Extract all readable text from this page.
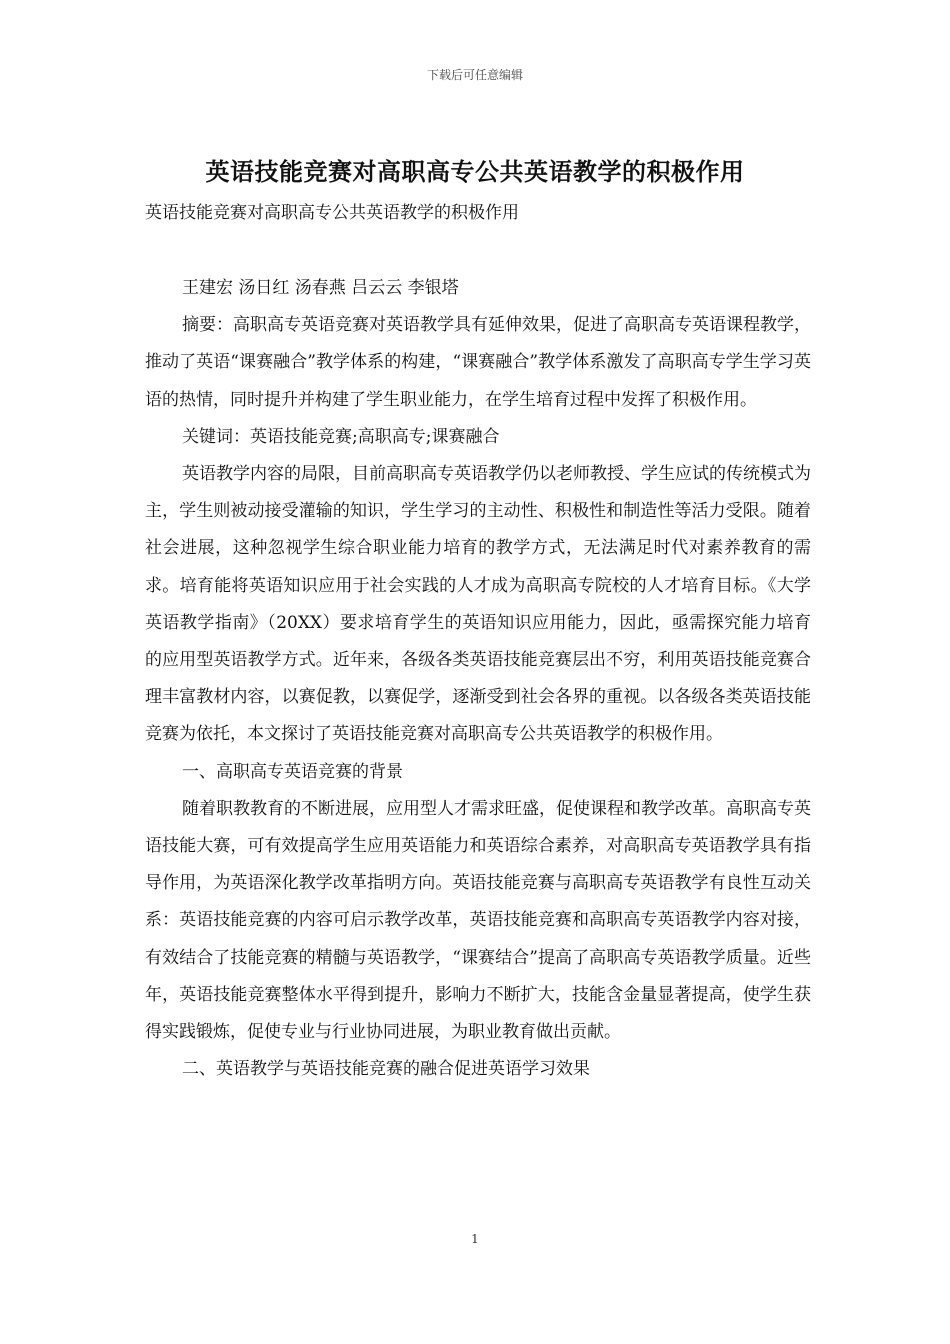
下载后可任意编辑
英语技能竞赛对高职高专公共英语教学的积极作用
英语技能竞赛对高职高专公共英语教学的积极作用

王建宏 汤日红 汤春燕 吕云云 李银塔

摘要：高职高专英语竞赛对英语教学具有延伸效果，促进了高职高专英语课程教学，推动了英语“课赛融合”教学体系的构建，“课赛融合”教学体系激发了高职高专学生学习英语的热情，同时提升并构建了学生职业能力，在学生培育过程中发挥了积极作用。

关键词：英语技能竞赛;高职高专;课赛融合

英语教学内容的局限，目前高职高专英语教学仍以老师教授、学生应试的传统模式为主，学生则被动接受灌输的知识，学生学习的主动性、积极性和制造性等活力受限。随着社会进展，这种忽视学生综合职业能力培育的教学方式，无法满足时代对素养教育的需求。培育能将英语知识应用于社会实践的人才成为高职高专院校的人才培育目标。《大学英语教学指南》（20XX）要求培育学生的英语知识应用能力，因此，亟需探究能力培育的应用型英语教学方式。近年来，各级各类英语技能竞赛层出不穷，利用英语技能竞赛合理丰富教材内容，以赛促教，以赛促学，逐渐受到社会各界的重视。以各级各类英语技能竞赛为依托，本文探讨了英语技能竞赛对高职高专公共英语教学的积极作用。

一、高职高专英语竞赛的背景

随着职教教育的不断进展，应用型人才需求旺盛，促使课程和教学改革。高职高专英语技能大赛，可有效提高学生应用英语能力和英语综合素养，对高职高专英语教学具有指导作用，为英语深化教学改革指明方向。英语技能竞赛与高职高专英语教学有良性互动关系：英语技能竞赛的内容可启示教学改革，英语技能竞赛和高职高专英语教学内容对接，有效结合了技能竞赛的精髓与英语教学，“课赛结合”提高了高职高专英语教学质量。近些年，英语技能竞赛整体水平得到提升，影响力不断扩大，技能含金量显著提高，使学生获得实践锻炼，促使专业与行业协同进展，为职业教育做出贡献。

二、英语教学与英语技能竞赛的融合促进英语学习效果

1
